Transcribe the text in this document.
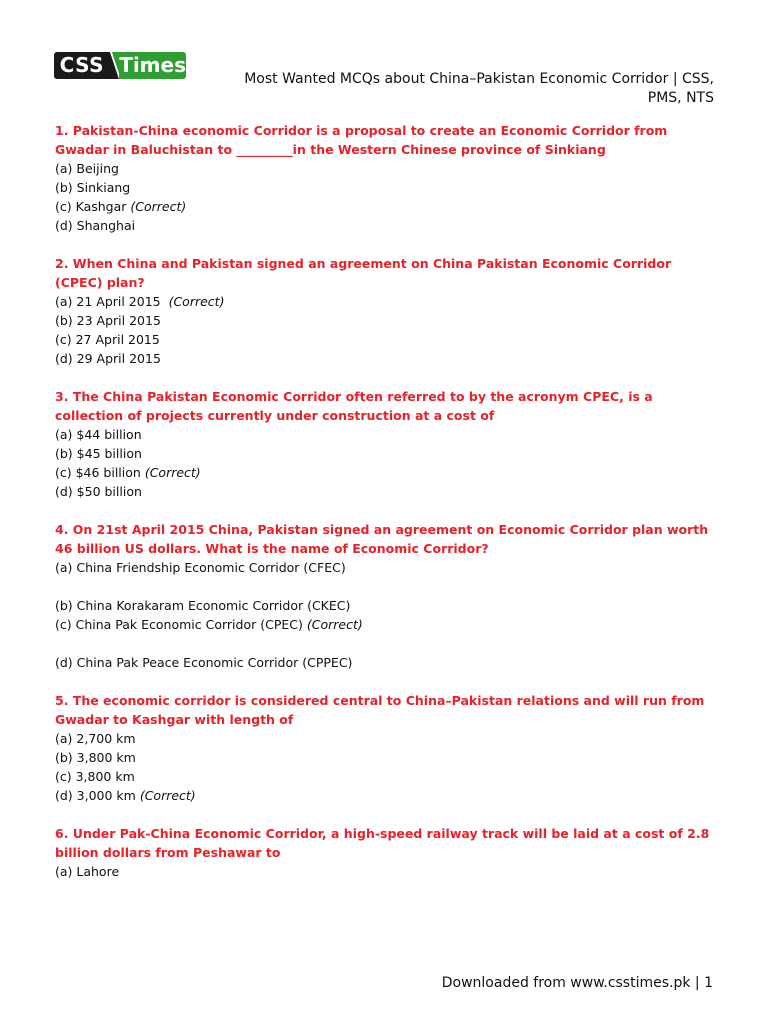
CSS Times
Most Wanted MCQs about China–Pakistan Economic Corridor | CSS, PMS, NTS
1. Pakistan-China economic Corridor is a proposal to create an Economic Corridor from Gwadar in Baluchistan to _________in the Western Chinese province of Sinkiang
(a) Beijing
(b) Sinkiang
(c) Kashgar (Correct)
(d) Shanghai
2. When China and Pakistan signed an agreement on China Pakistan Economic Corridor (CPEC) plan?
(a) 21 April 2015  (Correct)
(b) 23 April 2015
(c) 27 April 2015
(d) 29 April 2015
3. The China Pakistan Economic Corridor often referred to by the acronym CPEC, is a collection of projects currently under construction at a cost of
(a) $44 billion
(b) $45 billion
(c) $46 billion (Correct)
(d) $50 billion
4. On 21st April 2015 China, Pakistan signed an agreement on Economic Corridor plan worth 46 billion US dollars. What is the name of Economic Corridor?
(a) China Friendship Economic Corridor (CFEC)
(b) China Korakaram Economic Corridor (CKEC)
(c) China Pak Economic Corridor (CPEC) (Correct)
(d) China Pak Peace Economic Corridor (CPPEC)
5. The economic corridor is considered central to China–Pakistan relations and will run from Gwadar to Kashgar with length of
(a) 2,700 km
(b) 3,800 km
(c) 3,800 km
(d) 3,000 km (Correct)
6. Under Pak-China Economic Corridor, a high-speed railway track will be laid at a cost of 2.8 billion dollars from Peshawar to
(a) Lahore
Downloaded from www.csstimes.pk | 1
